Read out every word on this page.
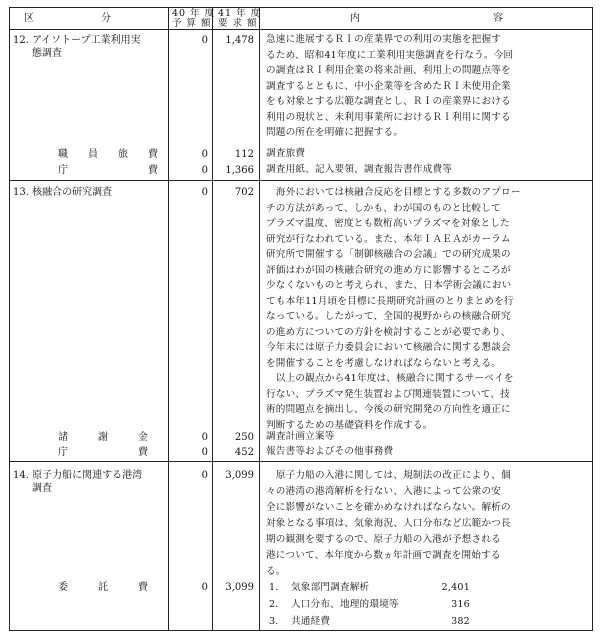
区　　　　　　分	40 年 度
予 算 額
41 年 度
要 求 額	内　　　　　　　　　　　　容
12. アイソトープ工業利用実
態調査
0	1,478 急速に進展するＲＩの産業界での利用の実態を把握す
るため、昭和41年度に工業利用実態調査を行なう。今回
の調査はＲＩ利用企業の将来計画、利用上の問題点等を
調査するとともに、中小企業等を含めたＲＩ未使用企業
をも対象とする広範な調査とし、ＲＩの産業界における
利用の現状と、未利用事業所におけるＲＩ利用に関する
問題の所在を明確に把握する。
職　　員　　旅　　費	0	112 調査旅費
庁　　　　　　　　費	0	1,366 調査用紙、記入要領、調査報告書作成費等
13. 核融合の研究調査	0	702 　海外においては核融合反応を目標とする多数のアプロー
チの方法があって、しかも、わが国のものと比較して
プラズマ温度、密度とも数桁高いプラズマを対象とした
研究が行なわれている。また、本年ＩＡＥＡがカーラム
研究所で開催する「制御核融合の会議」での研究成果の
評価はわが国の核融合研究の進め方に影響するところが
少なくないものと考えられ、また、日本学術会議におい
ても本年11月頃を目標に長期研究計画のとりまとめを行
なっている。したがって、全国的視野からの核融合研究
の進め方についての方針を検討することが必要であり、
今年末には原子力委員会において核融合に関する懇談会
を開催することを考慮しなければならないと考える。
　以上の観点から41年度は、核融合に関するサーベイを
行ない、プラズマ発生装置および関連装置について、技
術的問題点を摘出し、今後の研究開発の方向性を適正に
判断するための基礎資料を作成する。
諸　　　謝　　　金	0	250 調査計画立案等
庁　　　　　　　費	0	452 報告書等およびその他事務費
14. 原子力船に関連する港湾
調査
0	3,099 　原子力船の入港に関しては、規制法の改正により、個
々の港湾の港湾解析を行ない、入港によって公衆の安
全に影響がないことを確かめなければならない。解析の
対象となる事項は、気象海況、人口分布など広範かつ長
期の観測を要するので、原子力船の入港が予想される
港について、本年度から数ヵ年計画で調査を開始する
る。
委　　　託　　　費	0	3,099 1. 気象部門調査解析	2,401
2. 人口分布、地理的環境等	316
3. 共通経費	382
